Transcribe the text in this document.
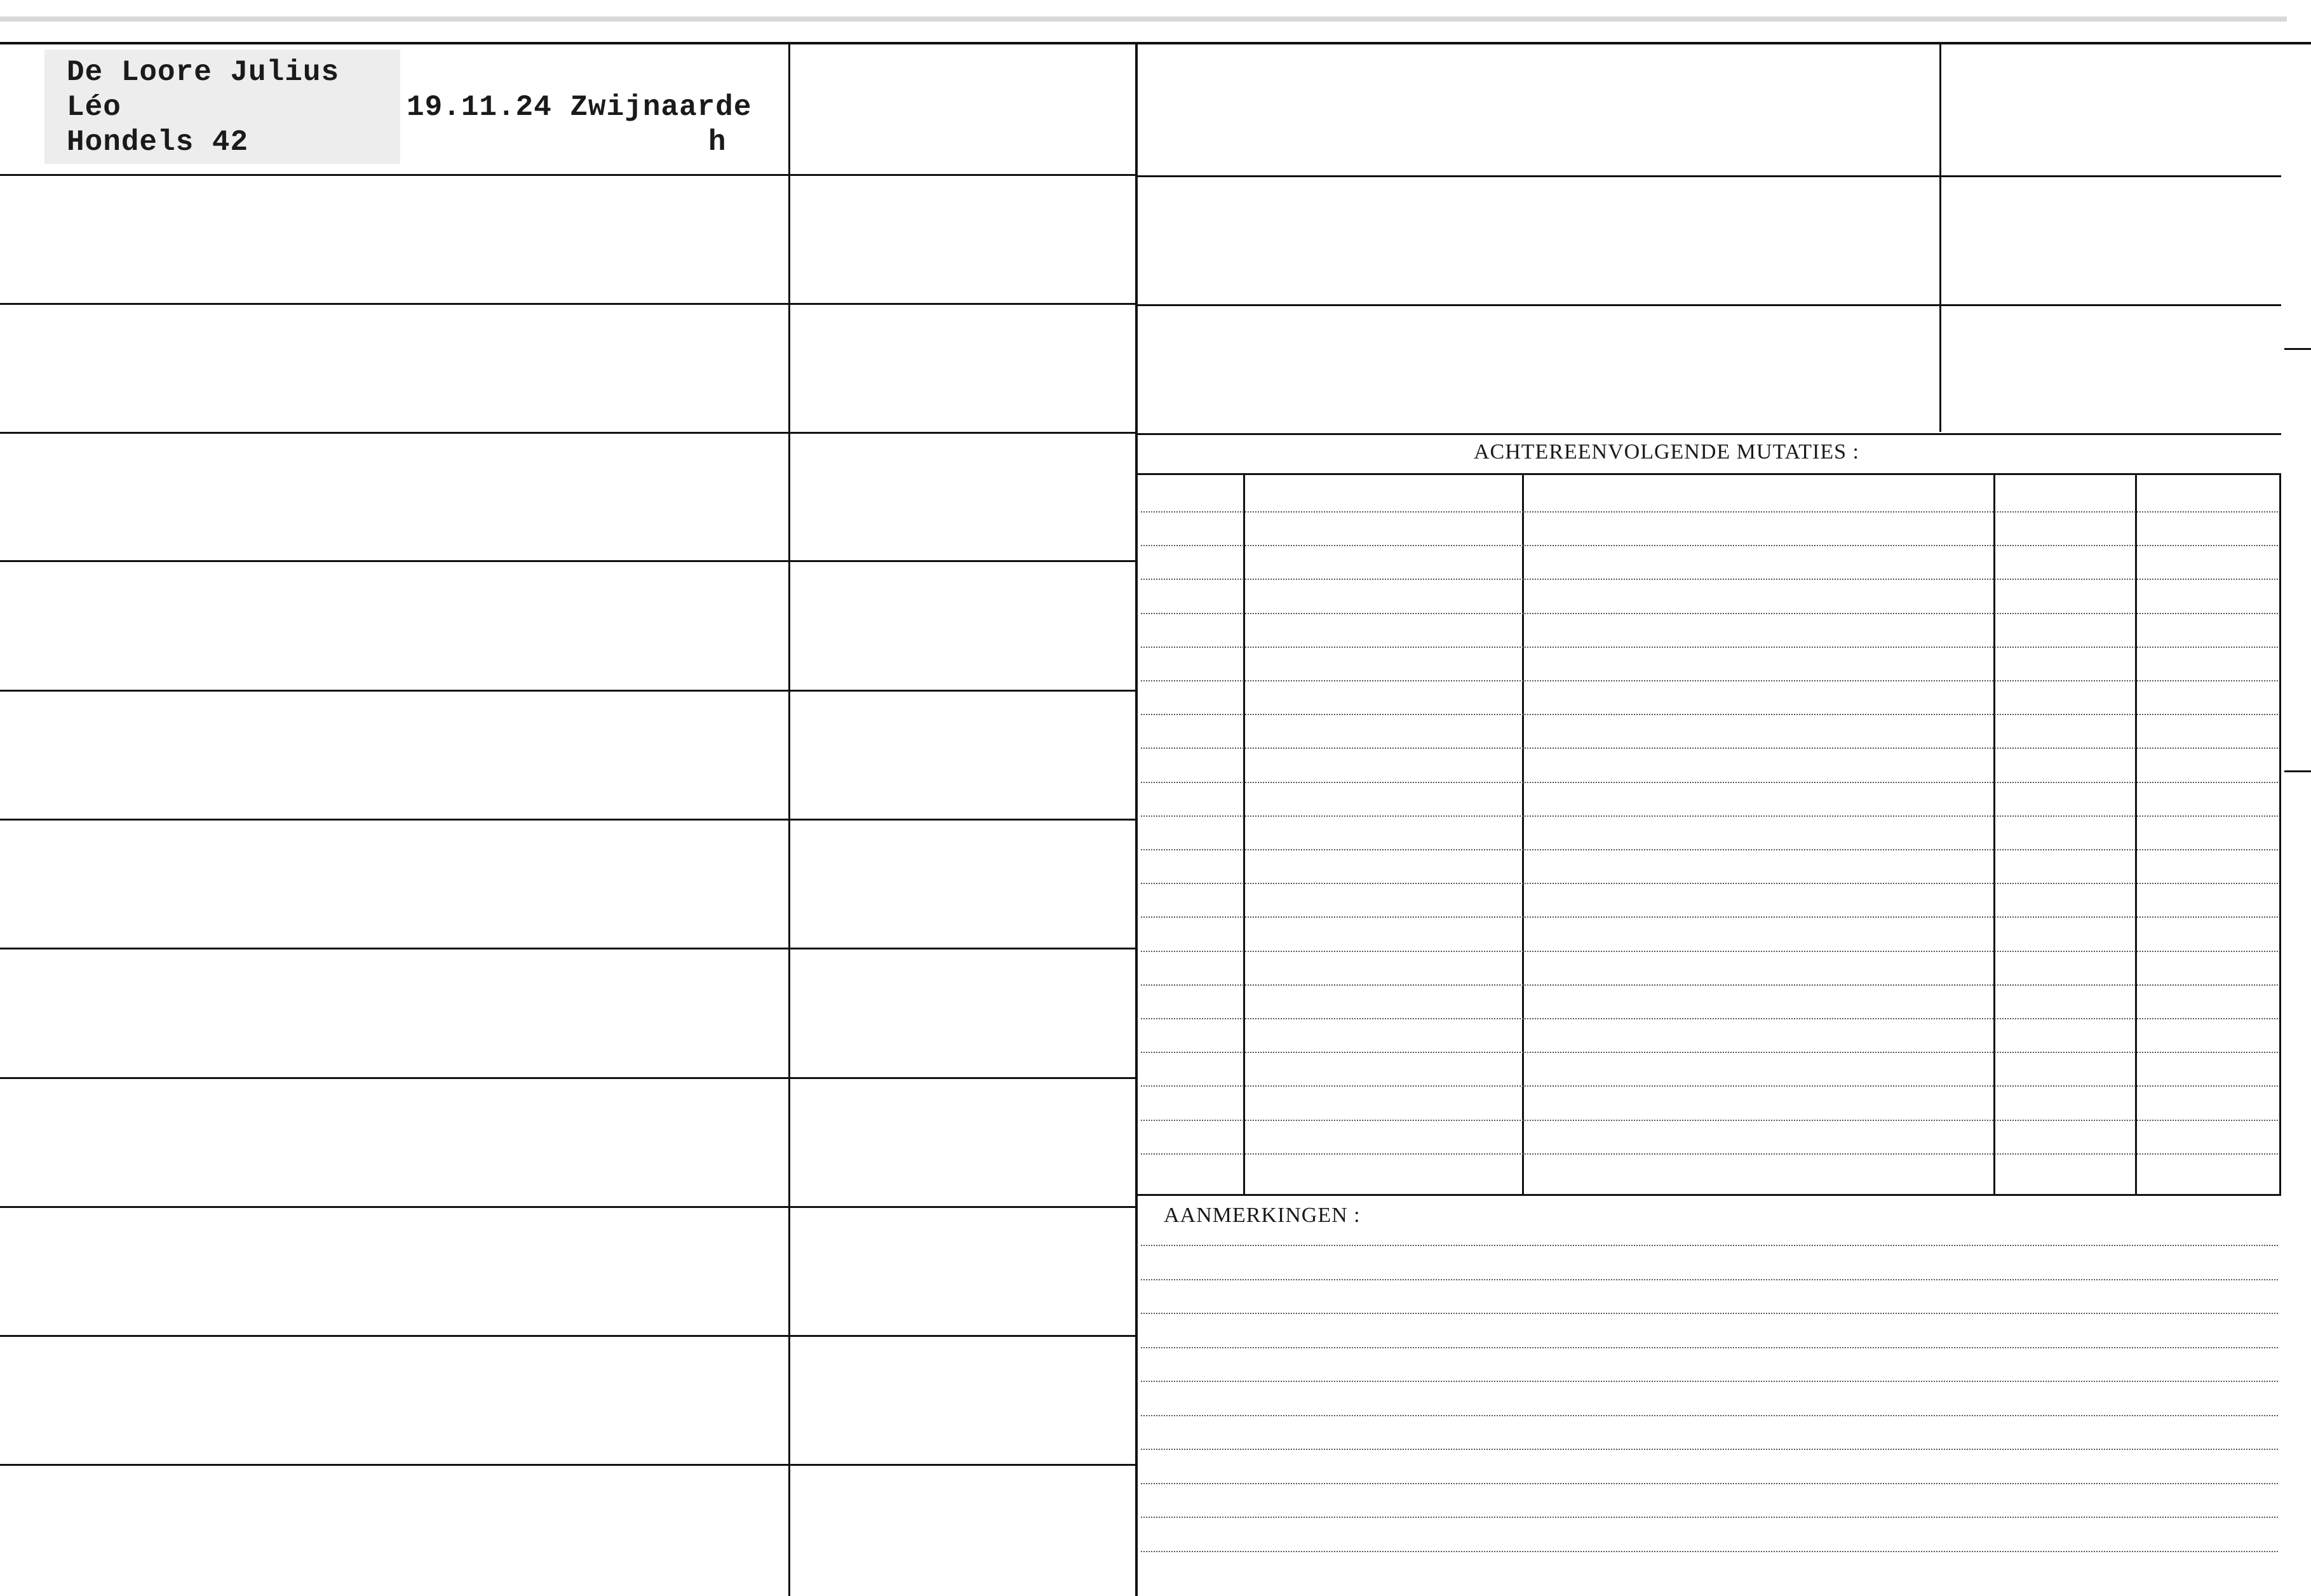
De Loore Julius
Léo	19.11.24 Zwijnaarde
Hondels 42	h
ACHTEREENVOLGENDE MUTATIES :
AANMERKINGEN :
